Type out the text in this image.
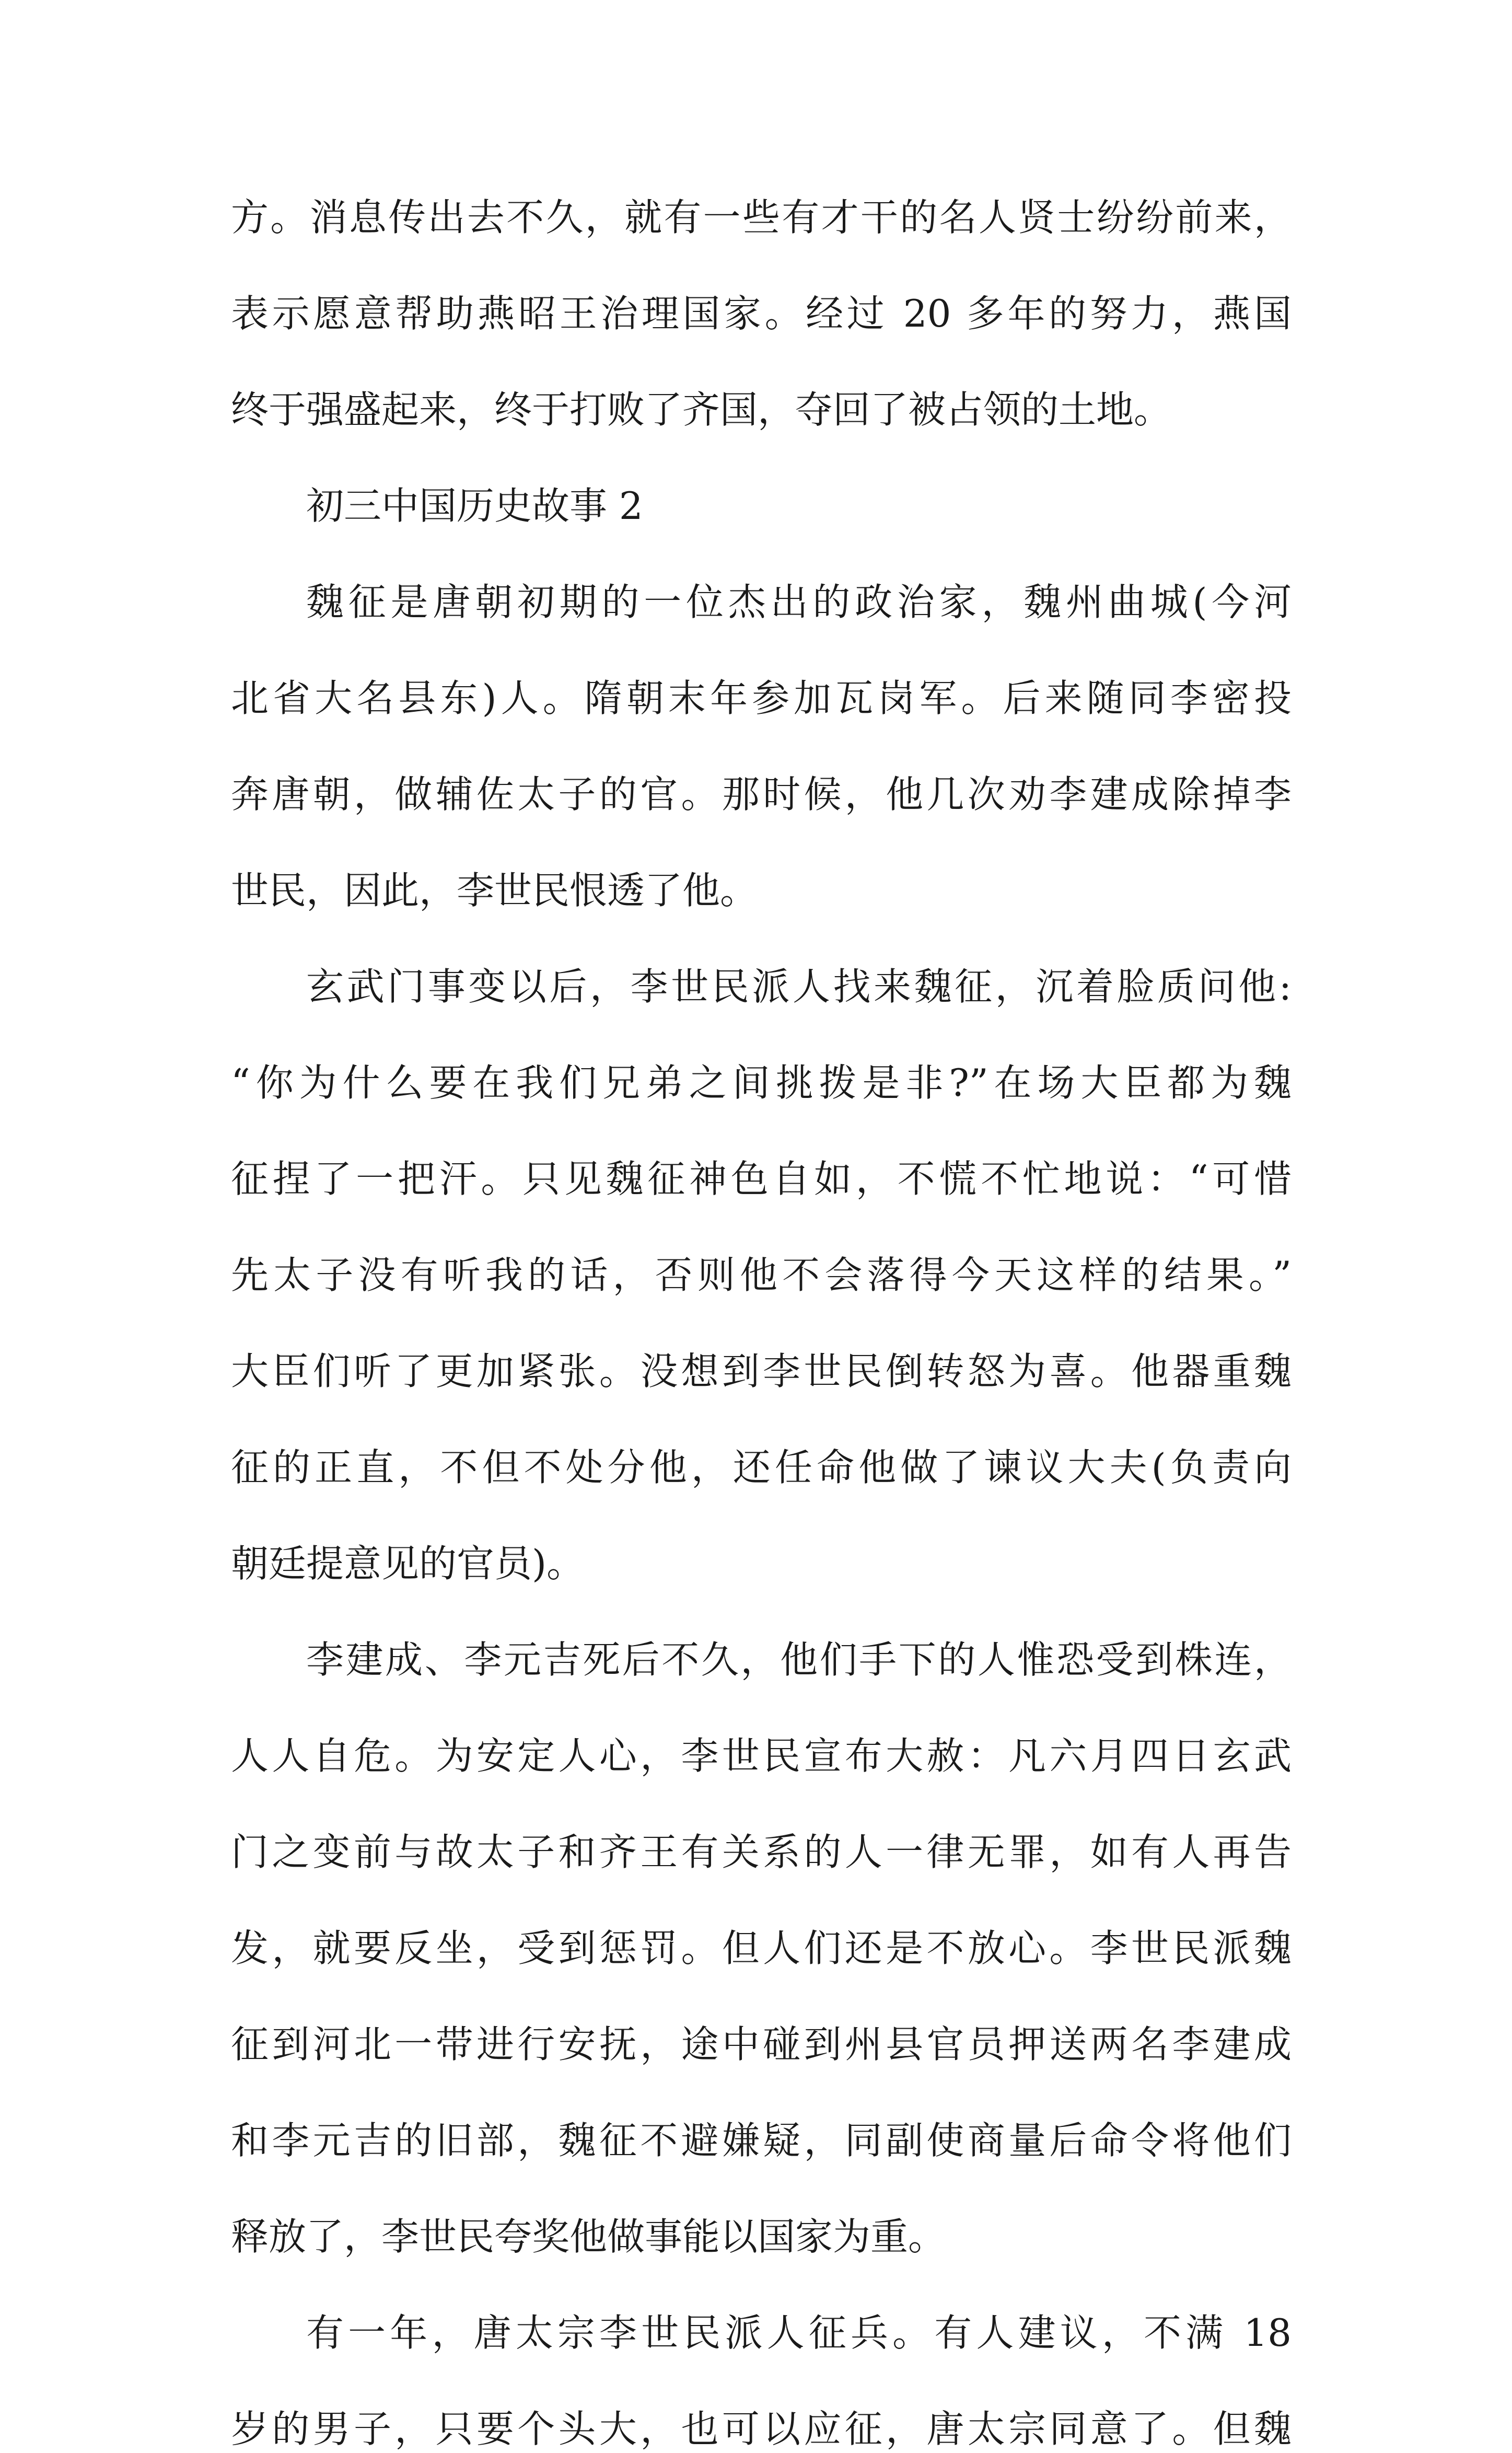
方。消息传出去不久，就有一些有才干的名人贤士纷纷前来，
表示愿意帮助燕昭王治理国家。经过 20 多年的努力，燕国
终于强盛起来，终于打败了齐国，夺回了被占领的土地。
初三中国历史故事 2
魏征是唐朝初期的一位杰出的政治家，魏州曲城(今河
北省大名县东)人。隋朝末年参加瓦岗军。后来随同李密投
奔唐朝，做辅佐太子的官。那时候，他几次劝李建成除掉李
世民，因此，李世民恨透了他。
玄武门事变以后，李世民派人找来魏征，沉着脸质问他:
“你为什么要在我们兄弟之间挑拨是非?”在场大臣都为魏
征捏了一把汗。只见魏征神色自如，不慌不忙地说：“可惜
先太子没有听我的话，否则他不会落得今天这样的结果。”
大臣们听了更加紧张。没想到李世民倒转怒为喜。他器重魏
征的正直，不但不处分他，还任命他做了谏议大夫(负责向
朝廷提意见的官员)。
李建成、李元吉死后不久，他们手下的人惟恐受到株连，
人人自危。为安定人心，李世民宣布大赦：凡六月四日玄武
门之变前与故太子和齐王有关系的人一律无罪，如有人再告
发，就要反坐，受到惩罚。但人们还是不放心。李世民派魏
征到河北一带进行安抚，途中碰到州县官员押送两名李建成
和李元吉的旧部，魏征不避嫌疑，同副使商量后命令将他们
释放了，李世民夸奖他做事能以国家为重。
有一年，唐太宗李世民派人征兵。有人建议，不满 18
岁的男子，只要个头大，也可以应征，唐太宗同意了。但魏
